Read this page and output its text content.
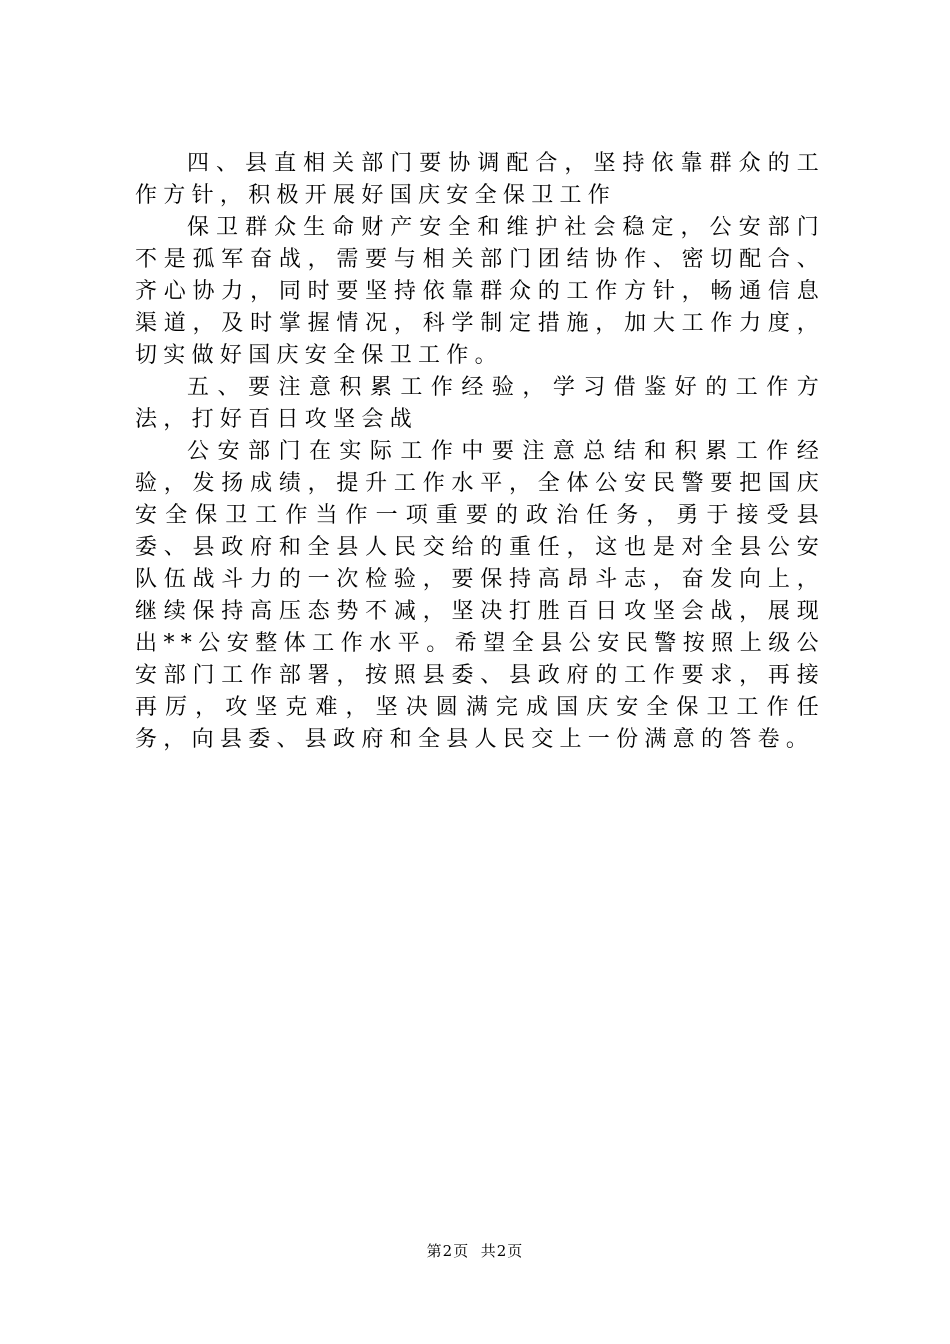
四、县直相关部门要协调配合，坚持依靠群众的工作方针，积极开展好国庆安全保卫工作

保卫群众生命财产安全和维护社会稳定，公安部门不是孤军奋战，需要与相关部门团结协作、密切配合、齐心协力，同时要坚持依靠群众的工作方针，畅通信息渠道，及时掌握情况，科学制定措施，加大工作力度，切实做好国庆安全保卫工作。

五、要注意积累工作经验，学习借鉴好的工作方法，打好百日攻坚会战

公安部门在实际工作中要注意总结和积累工作经验，发扬成绩，提升工作水平，全体公安民警要把国庆安全保卫工作当作一项重要的政治任务，勇于接受县委、县政府和全县人民交给的重任，这也是对全县公安队伍战斗力的一次检验，要保持高昂斗志，奋发向上，继续保持高压态势不减，坚决打胜百日攻坚会战，展现出**公安整体工作水平。希望全县公安民警按照上级公安部门工作部署，按照县委、县政府的工作要求，再接再厉，攻坚克难，坚决圆满完成国庆安全保卫工作任务，向县委、县政府和全县人民交上一份满意的答卷。

第2页 共2页
